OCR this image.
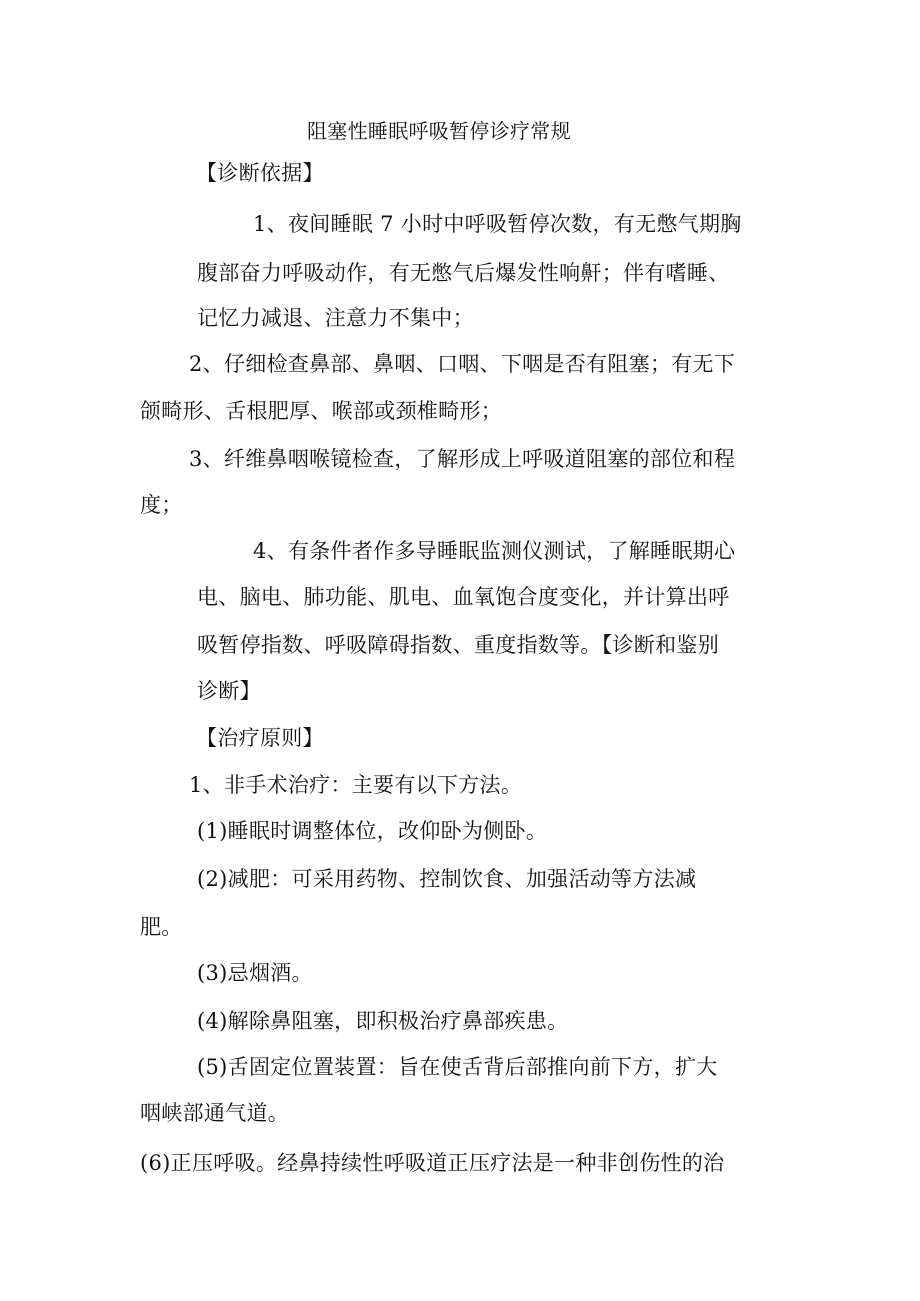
阻塞性睡眠呼吸暂停诊疗常规
【诊断依据】
1、夜间睡眠 7 小时中呼吸暂停次数，有无憋气期胸
腹部奋力呼吸动作，有无憋气后爆发性响鼾；伴有嗜睡、
记忆力减退、注意力不集中；
2、仔细检查鼻部、鼻咽、口咽、下咽是否有阻塞；有无下
颌畸形、舌根肥厚、喉部或颈椎畸形；
3、纤维鼻咽喉镜检查，了解形成上呼吸道阻塞的部位和程
度；
4、有条件者作多导睡眠监测仪测试，了解睡眠期心
电、脑电、肺功能、肌电、血氧饱合度变化，并计算出呼
吸暂停指数、呼吸障碍指数、重度指数等。【诊断和鉴别
诊断】
【治疗原则】
1、非手术治疗：主要有以下方法。
(1)睡眠时调整体位，改仰卧为侧卧。
(2)减肥：可采用药物、控制饮食、加强活动等方法减
肥。
(3)忌烟酒。
(4)解除鼻阻塞，即积极治疗鼻部疾患。
(5)舌固定位置装置：旨在使舌背后部推向前下方，扩大
咽峡部通气道。
(6)正压呼吸。经鼻持续性呼吸道正压疗法是一种非创伤性的治
